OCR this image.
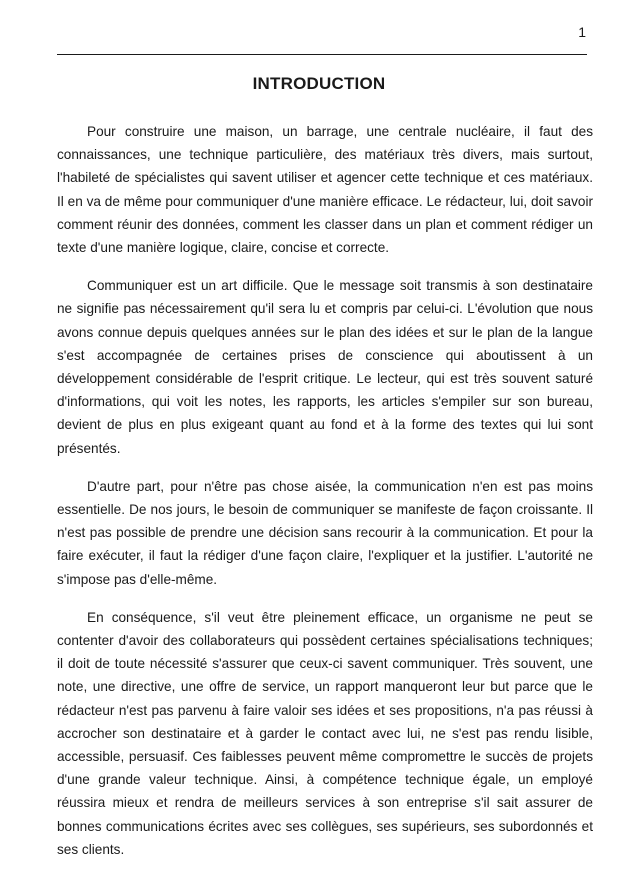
1
INTRODUCTION

Pour construire une maison, un barrage, une centrale nucléaire, il faut des connaissances, une technique particulière, des matériaux très divers, mais surtout, l'habileté de spécialistes qui savent utiliser et agencer cette technique et ces matériaux. Il en va de même pour communiquer d'une manière efficace. Le rédacteur, lui, doit savoir comment réunir des données, comment les classer dans un plan et comment rédiger un texte d'une manière logique, claire, concise et correcte.

Communiquer est un art difficile. Que le message soit transmis à son destinataire ne signifie pas nécessairement qu'il sera lu et compris par celui-ci. L'évolution que nous avons connue depuis quelques années sur le plan des idées et sur le plan de la langue s'est accompagnée de certaines prises de conscience qui aboutissent à un développement considérable de l'esprit critique. Le lecteur, qui est très souvent saturé d'informations, qui voit les notes, les rapports, les articles s'empiler sur son bureau, devient de plus en plus exigeant quant au fond et à la forme des textes qui lui sont présentés.

D'autre part, pour n'être pas chose aisée, la communication n'en est pas moins essentielle. De nos jours, le besoin de communiquer se manifeste de façon croissante. Il n'est pas possible de prendre une décision sans recourir à la communication. Et pour la faire exécuter, il faut la rédiger d'une façon claire, l'expliquer et la justifier. L'autorité ne s'impose pas d'elle-même.

En conséquence, s'il veut être pleinement efficace, un organisme ne peut se contenter d'avoir des collaborateurs qui possèdent certaines spécialisations techniques; il doit de toute nécessité s'assurer que ceux-ci savent communiquer. Très souvent, une note, une directive, une offre de service, un rapport manqueront leur but parce que le rédacteur n'est pas parvenu à faire valoir ses idées et ses propositions, n'a pas réussi à accrocher son destinataire et à garder le contact avec lui, ne s'est pas rendu lisible, accessible, persuasif. Ces faiblesses peuvent même compromettre le succès de projets d'une grande valeur technique. Ainsi, à compétence technique égale, un employé réussira mieux et rendra de meilleurs services à son entreprise s'il sait assurer de bonnes communications écrites avec ses collègues, ses supérieurs, ses subordonnés et ses clients.
